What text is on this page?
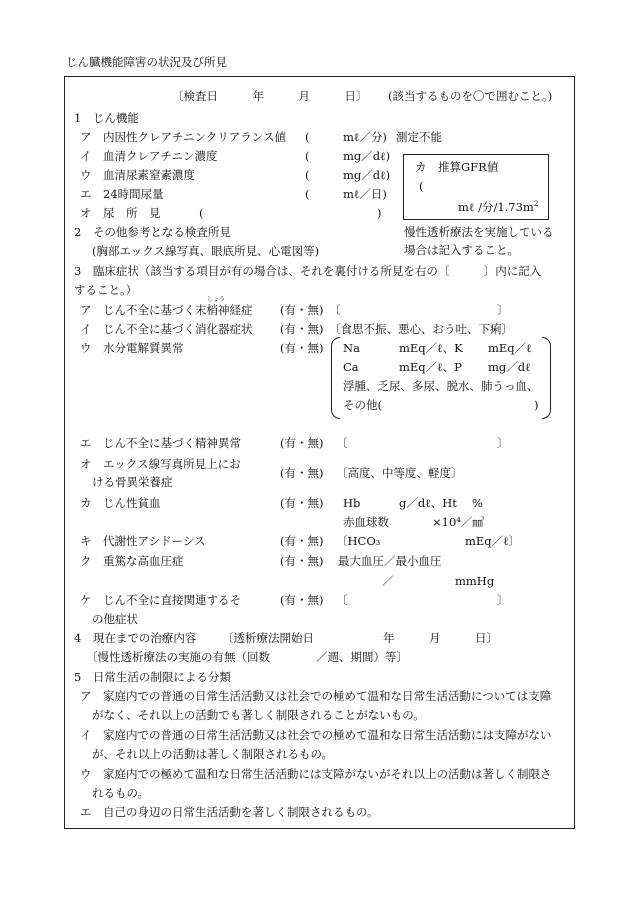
じん臓機能障害の状況及び所見
〔検査日　　　年　　　月　　　日〕 (該当するものを〇で囲むこと。)
1　じん機能
ア　内因性クレアチニンクリアランス値 (	mℓ／分) 測定不能
イ　血清クレアチニン濃度	(	mg／dℓ)
ウ　血清尿素窒素濃度	(	mg／dℓ)
エ　24時間尿量	(	mℓ／日)
オ　尿　所　見	(	)
カ　推算GFR値
(
mℓ /分$/1.73m^2$
2　その他参考となる検査所見
(胸部エックス線写真、眼底所見、心電図等)
慢性透析療法を実施している
場合は記入すること。
3　臨床症状（該当する項目が有の場合は、それを裏付ける所見を右の〔　　　〕内に記入
すること。）
しょう
ア　じん不全に基づく末梢神経症 (有・無) 〔	〕
イ　じん不全に基づく消化器症状 (有・無) 〔食思不振、悪心、おう吐、下痢〕
ウ　水分電解質異常	(有・無) Na	mEq／ℓ、K mEq／ℓ
Ca	mEq／ℓ、P mg／dℓ
浮腫、乏尿、多尿、脱水、肺うっ血、
その他(	)
エ　じん不全に基づく精神異常	(有・無) 〔	〕
オ　エックス線写真所見上にお
ける骨異栄養症
(有・無) 〔高度、中等度、軽度〕
カ　じん性貧血	(有・無) Hb	g／dℓ、Ht %
赤血球数	×10⁴／㎣
キ　代謝性アシドーシス	(有・無) 〔HCO₃	mEq／ℓ〕
ク　重篤な高血圧症	(有・無) 最大血圧／最小血圧
／	mmHg
ケ　じん不全に直接関連するそ
の他症状
(有・無) 〔	〕
4　現在までの治療内容 〔透析療法開始日　　　　　　年　　　月　　　日〕
〔慢性透析療法の実施の有無（回数　　　　／週、期間）等〕
5　日常生活の制限による分類
ア　家庭内での普通の日常生活活動又は社会での極めて温和な日常生活活動については支障
がなく、それ以上の活動でも著しく制限されることがないもの。
イ　家庭内での普通の日常生活活動又は社会での極めて温和な日常生活活動には支障がない
が、それ以上の活動は著しく制限されるもの。
ウ　家庭内での極めて温和な日常生活活動には支障がないがそれ以上の活動は著しく制限さ
れるもの。
エ　自己の身辺の日常生活活動を著しく制限されるもの。
